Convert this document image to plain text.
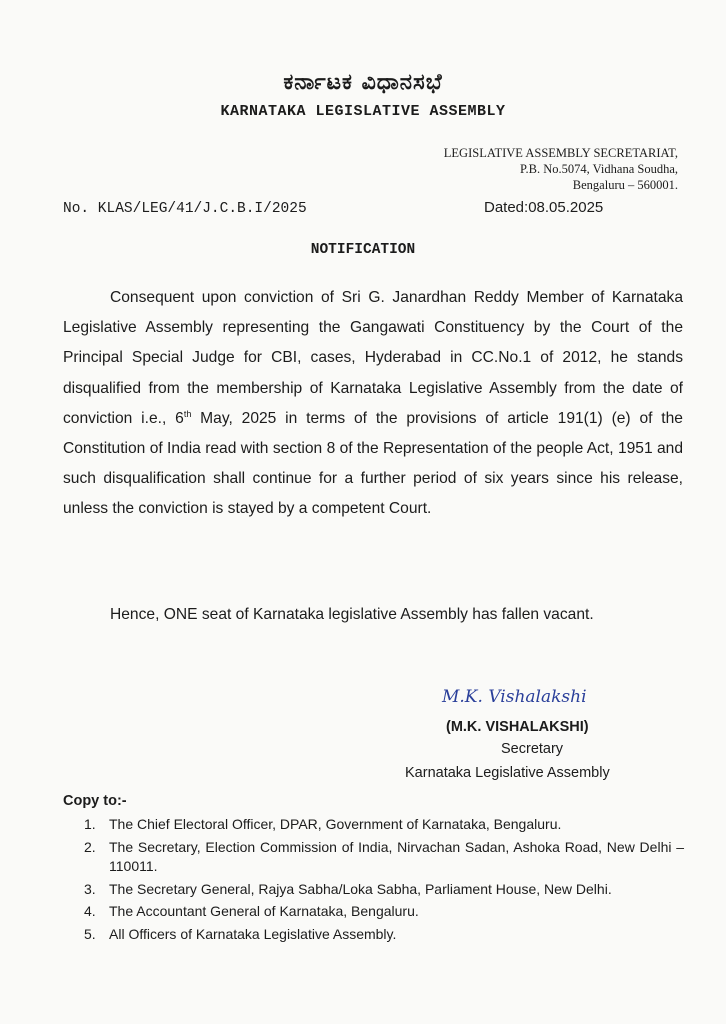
ಕರ್ನಾಟಕ ವಿಧಾನಸಭೆ
KARNATAKA LEGISLATIVE ASSEMBLY
LEGISLATIVE ASSEMBLY SECRETARIAT,
P.B. No.5074, Vidhana Soudha,
Bengaluru – 560001.
No. KLAS/LEG/41/J.C.B.I/2025	Dated:08.05.2025
NOTIFICATION
Consequent upon conviction of Sri G. Janardhan Reddy Member of Karnataka Legislative Assembly representing the Gangawati Constituency by the Court of the Principal Special Judge for CBI, cases, Hyderabad in CC.No.1 of 2012, he stands disqualified from the membership of Karnataka Legislative Assembly from the date of conviction i.e., 6th May, 2025 in terms of the provisions of article 191(1) (e) of the Constitution of India read with section 8 of the Representation of the people Act, 1951 and such disqualification shall continue for a further period of six years since his release, unless the conviction is stayed by a competent Court.
Hence, ONE seat of Karnataka legislative Assembly has fallen vacant.
M.K. Vishalakshi
(M.K. VISHALAKSHI)
Secretary
Karnataka Legislative Assembly
Copy to:-
1. The Chief Electoral Officer, DPAR, Government of Karnataka, Bengaluru.
2. The Secretary, Election Commission of India, Nirvachan Sadan, Ashoka Road, New Delhi – 110011.
3. The Secretary General, Rajya Sabha/Loka Sabha, Parliament House, New Delhi.
4. The Accountant General of Karnataka, Bengaluru.
5. All Officers of Karnataka Legislative Assembly.
